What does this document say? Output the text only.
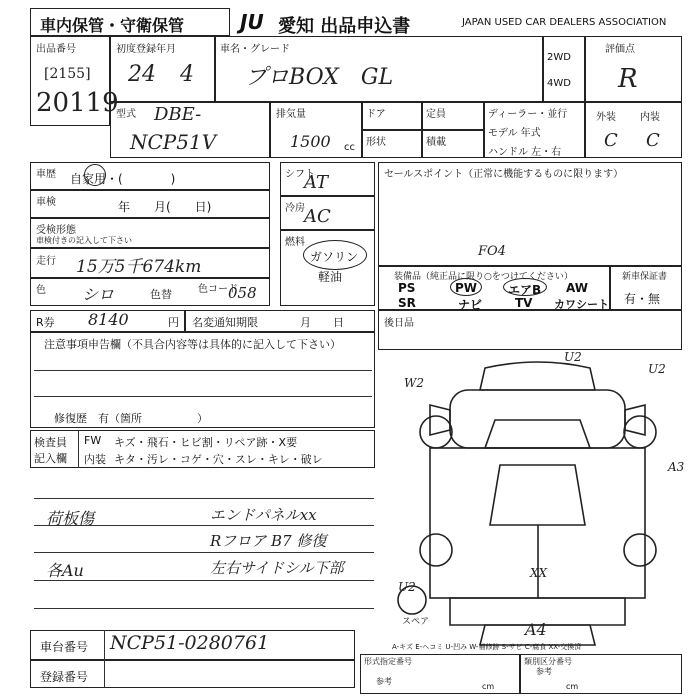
車内保管・守衛保管	JU 愛知 出品申込書	JAPAN USED CAR DEALERS ASSOCIATION
出品番号
[2155]
20119
初度登録年月
24 4
車名・グレード
プロBOX　GL
2WD
4WD
評価点
R
型式 DBE-
NCP51V
排気量
1500 cc
ドア
形状
定員
積載
ディーラー・並行
モデル 年式
ハンドル 左・右
外装 内装
C C
車歴 自家用・(　　　　)
車検	年　　月(　　日)
受検形態
車検付きの記入して下さい
走行 15万5千674km
色 シロ	色替	色コード
058
シフト
AT
冷房 AC
燃料
ガソリン
軽油
セールスポイント（正常に機能するものに限ります）
FO4
装備品（純正品に限り○をつけてください）
PS	PW	エアB AW
SR	ナビ	TV カワシート
新車保証書
有・無
R券 8140	円 名変通知期限	月　　日	後日品
注意事項申告欄（不具合内容等は具体的に記入して下さい）
修復歴　有（箇所　　　　　）
検査員
記入欄
FW キズ・飛石・ヒビ割・リペア跡・X要
内装 キタ・汚レ・コゲ・穴・スレ・キレ・破レ
荷板傷	エンドパネルxx
Rフロア B7 修復
各Au	左右サイドシル下部
U2
W2
U2
A3
XX
U2
スペア	A4
A-キズ E-ヘコミ U-凹み W-補修跡 S-サビ C-腐食 XX-交換済
車台番号 NCP51-0280761
登録番号
形式指定番号
参考
cm
類別区分番号
参考
cm
